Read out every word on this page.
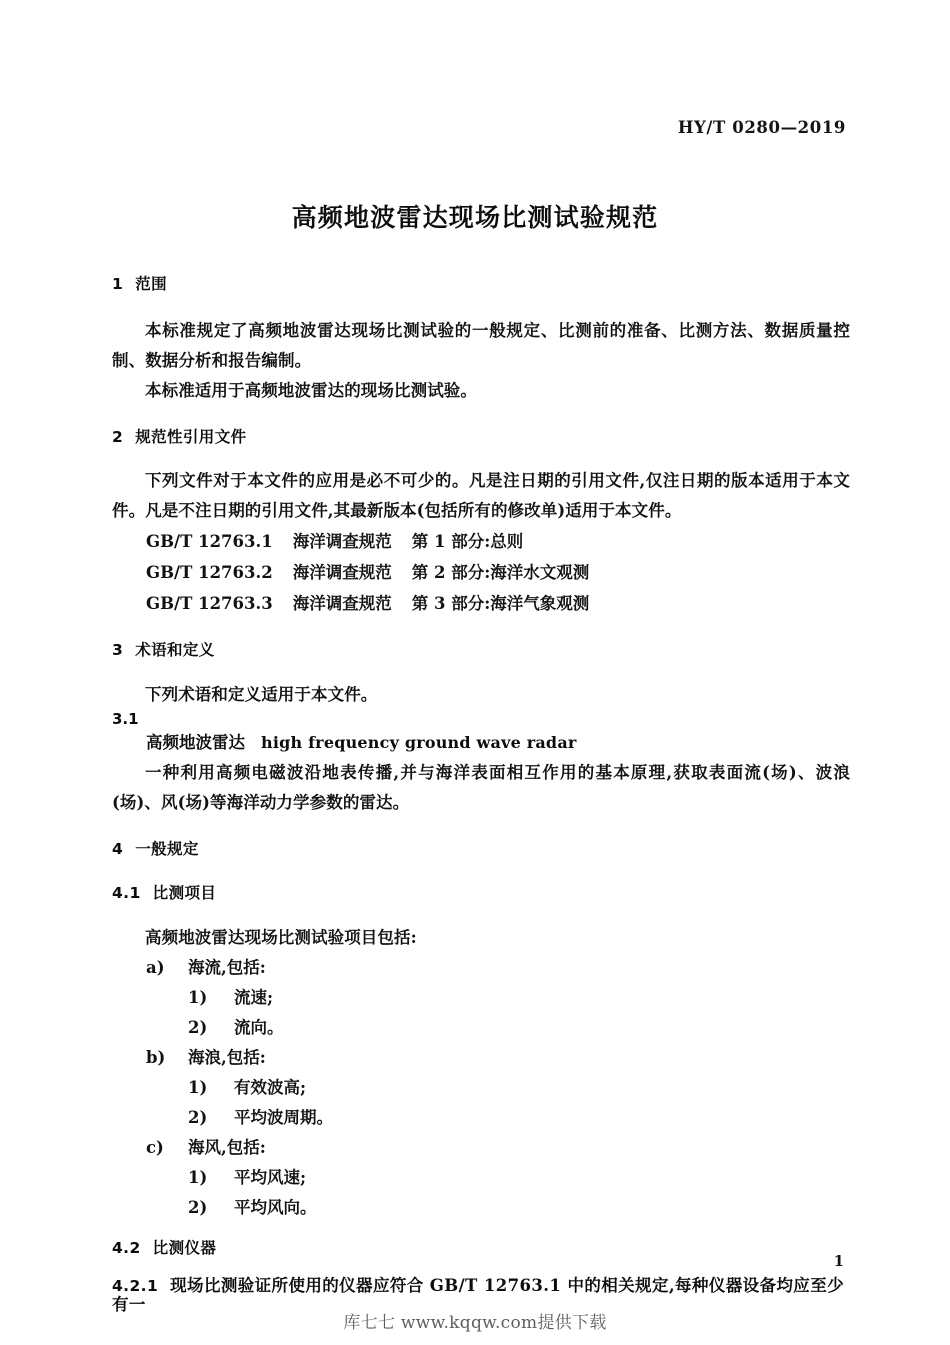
HY/T 0280—2019
高频地波雷达现场比测试验规范
1 范围

本标准规定了高频地波雷达现场比测试验的一般规定、比测前的准备、比测方法、数据质量控制、数据分析和报告编制。

本标准适用于高频地波雷达的现场比测试验。

2 规范性引用文件

下列文件对于本文件的应用是必不可少的。凡是注日期的引用文件,仅注日期的版本适用于本文件。凡是不注日期的引用文件,其最新版本(包括所有的修改单)适用于本文件。

GB/T 12763.1 海洋调查规范 第 1 部分:总则
GB/T 12763.2 海洋调查规范 第 2 部分:海洋水文观测
GB/T 12763.3 海洋调查规范 第 3 部分:海洋气象观测
3 术语和定义

下列术语和定义适用于本文件。

3.1
高频地波雷达 high frequency ground wave radar

一种利用高频电磁波沿地表传播,并与海洋表面相互作用的基本原理,获取表面流(场)、波浪(场)、风(场)等海洋动力学参数的雷达。

4 一般规定
4.1 比测项目

高频地波雷达现场比测试验项目包括:

a)	海流,包括:
1)	流速;
2)	流向。
b)	海浪,包括:
1)	有效波高;
2)	平均波周期。
c)	海风,包括:
1)	平均风速;
2)	平均风向。
4.2 比测仪器
4.2.1 现场比测验证所使用的仪器应符合 GB/T 12763.1 中的相关规定,每种仪器设备均应至少有一
1
库七七 www.kqqw.com提供下载
